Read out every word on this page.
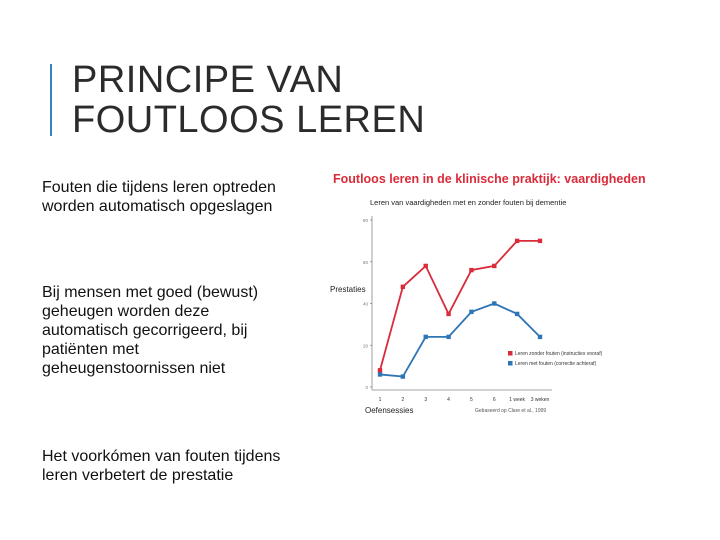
PRINCIPE VAN
FOUTLOOS LEREN
Fouten die tijdens leren optreden worden automatisch opgeslagen
Bij mensen met goed (bewust) geheugen worden deze automatisch gecorrigeerd, bij patiënten met geheugenstoornissen niet
Het voorkómen van fouten tijdens leren verbetert de prestatie
Foutloos leren in de klinische praktijk: vaardigheden
Leren van vaardigheden met en zonder fouten bij dementie
Prestaties
Oefensessies	Gebaseerd op Clare et al., 1999
0
20
40
60
80
1	2	3	4	5	6	1 week 3 weken
Leren zonder fouten (instructies vooraf)
Leren met fouten (correctie achteraf)
